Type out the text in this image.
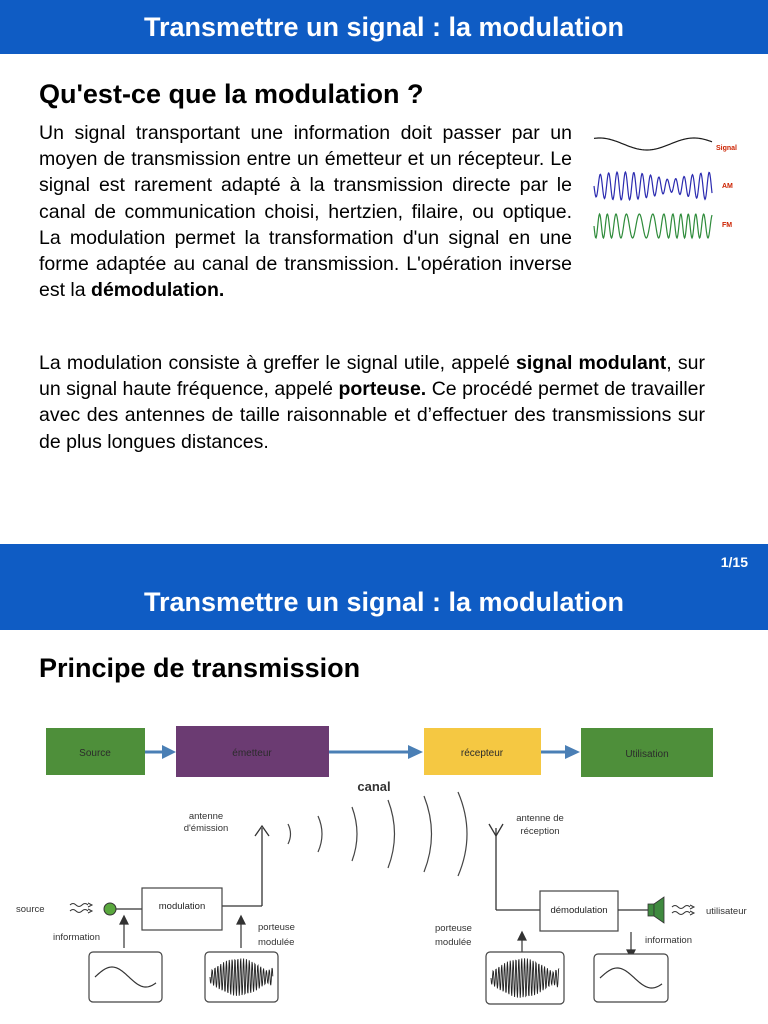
Transmettre un signal : la modulation
Qu'est-ce que la modulation ?

Un signal transportant une information doit passer par un moyen de transmission entre un émetteur et un récepteur. Le signal est rarement adapté à la transmission directe par le canal de communication choisi, hertzien, filaire, ou optique. La modulation permet la transformation d'un signal en une forme adaptée au canal de transmission. L'opération inverse est la démodulation.

Signal
AM
FM

La modulation consiste à greffer le signal utile, appelé signal modulant, sur un signal haute fréquence, appelé porteuse. Ce procédé permet de travailler avec des antennes de taille raisonnable et d’effectuer des transmissions sur de plus longues distances.

1/15
Transmettre un signal : la modulation
Principe de transmission
Source	émetteur	récepteur	Utilisation
canal
antenne
d'émission
source
information
modulation
porteuse
modulée
antenne de
réception
démodulation	utilisateur
porteuse
modulée	information
